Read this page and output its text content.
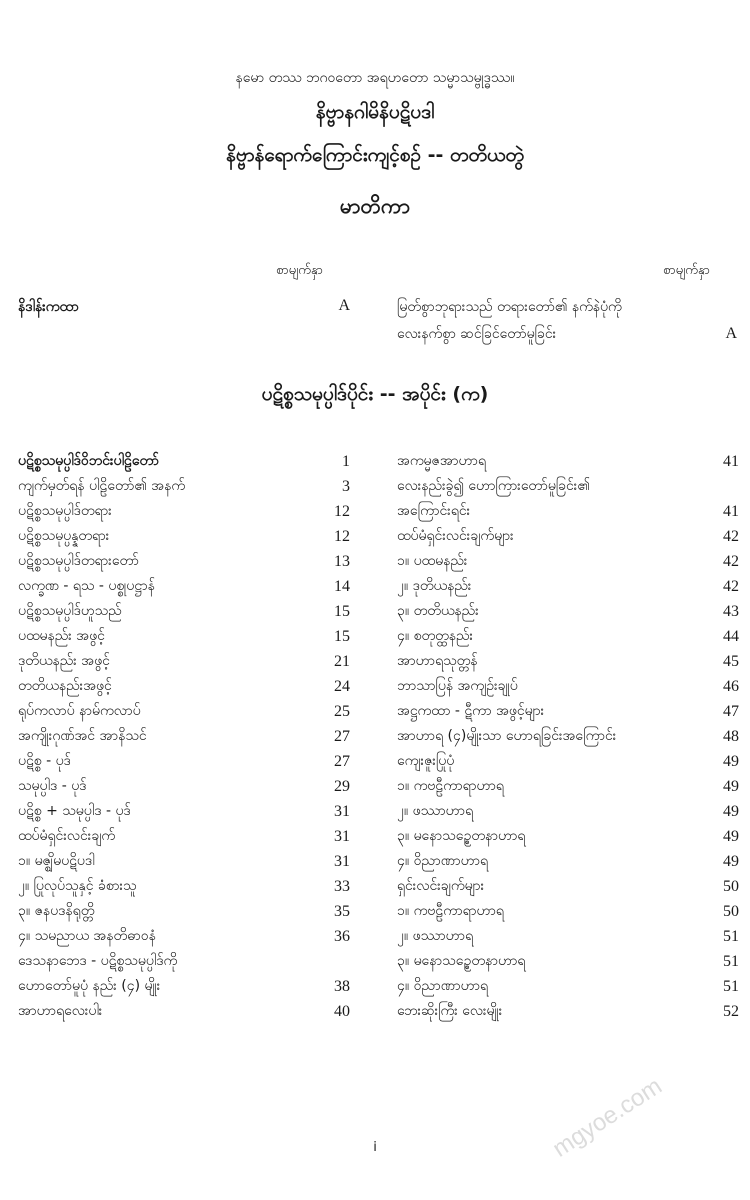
နမော တဿ ဘဂဝတော အရဟတော သမ္မာသမ္ဗုဒ္ဓဿ။
နိဗ္ဗာနဂါမိနိပဋိပဒါ
နိဗ္ဗာန်ရောက်ကြောင်းကျင့်စဉ် -- တတိယတွဲ
မာတိကာ
စာမျက်နှာ	စာမျက်နှာ
နိဒါန်းကထာ	A	မြတ်စွာဘုရားသည် တရားတော်၏ နက်နဲပုံကို
လေးနက်စွာ ဆင်ခြင်တော်မူခြင်း	A
ပဋိစ္စသမုပ္ပါဒ်ပိုင်း -- အပိုင်း (က)
ပဋိစ္စသမုပ္ပါဒ်ဝိဘင်းပါဠိတော်	1
ကျက်မှတ်ရန် ပါဠိတော်၏ အနက်	3
ပဋိစ္စသမုပ္ပါဒ်တရား	12
ပဋိစ္စသမုပ္ပန္နတရား	12
ပဋိစ္စသမုပ္ပါဒ်တရားတော်	13
လက္ခဏ - ရသ - ပစ္စုပဋ္ဌာန်	14
ပဋိစ္စသမုပ္ပါဒ်ဟူသည်	15
ပထမနည်း အဖွင့်	15
ဒုတိယနည်း အဖွင့်	21
တတိယနည်းအဖွင့်	24
ရုပ်ကလာပ် နာမ်ကလာပ်	25
အကျိုးဂုဏ်အင် အာနိသင်	27
ပဋိစ္စ - ပုဒ်	27
သမုပ္ပါဒ - ပုဒ်	29
ပဋိစ္စ + သမုပ္ပါဒ - ပုဒ်	31
ထပ်မံရှင်းလင်းချက်	31
၁။ မဇ္ဈိမပဋိပဒါ	31
၂။ ပြုလုပ်သူနှင့် ခံစားသူ	33
၃။ ဇနပဒနိရုတ္တိ	35
၄။ သမညာယ အနတိဓာဝနံ	36
ဒေသနာဘေဒ - ပဋိစ္စသမုပ္ပါဒ်ကို
ဟောတော်မူပုံ နည်း (၄) မျိုး	38
အာဟာရလေးပါး	40
အကမ္မဇအာဟာရ	41
လေးနည်းခွဲ၍ ဟောကြားတော်မူခြင်း၏
အကြောင်းရင်း	41
ထပ်မံရှင်းလင်းချက်များ	42
၁။ ပထမနည်း	42
၂။ ဒုတိယနည်း	42
၃။ တတိယနည်း	43
၄။ စတုတ္ထနည်း	44
အာဟာရသုတ္တန်	45
ဘာသာပြန် အကျဉ်းချုပ်	46
အဋ္ဌကထာ - ဋီကာ အဖွင့်များ	47
အာဟာရ (၄)မျိုးသာ ဟောရခြင်းအကြောင်း	48
ကျေးဇူးပြုပုံ	49
၁။ ကဗဠီကာရာဟာရ	49
၂။ ဖဿာဟာရ	49
၃။ မနောသဉ္စေတနာဟာရ	49
၄။ ဝိညာဏာဟာရ	49
ရှင်းလင်းချက်များ	50
၁။ ကဗဠီကာရာဟာရ	50
၂။ ဖဿာဟာရ	51
၃။ မနောသဉ္စေတနာဟာရ	51
၄။ ဝိညာဏာဟာရ	51
ဘေးဆိုးကြီး လေးမျိုး	52
i	mgyoe.com
